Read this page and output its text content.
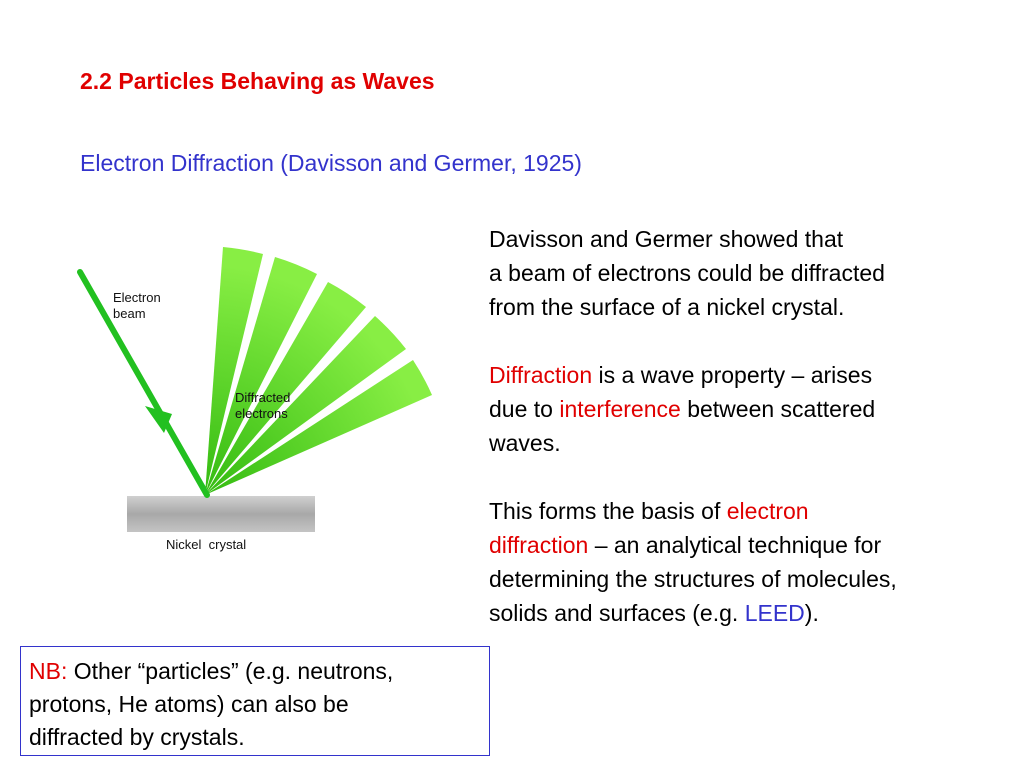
2.2 Particles Behaving as Waves
Electron Diffraction (Davisson and Germer, 1925)
Electron
beam
Diffracted
electrons
Nickel  crystal

Davisson and Germer showed that
a beam of electrons could be diffracted
from the surface of a nickel crystal.

Diffraction is a wave property – arises
due to interference between scattered
waves.

This forms the basis of electron
diffraction – an analytical technique for
determining the structures of molecules,
solids and surfaces (e.g. LEED).

NB: Other “particles” (e.g. neutrons,
protons, He atoms) can also be
diffracted by crystals.
